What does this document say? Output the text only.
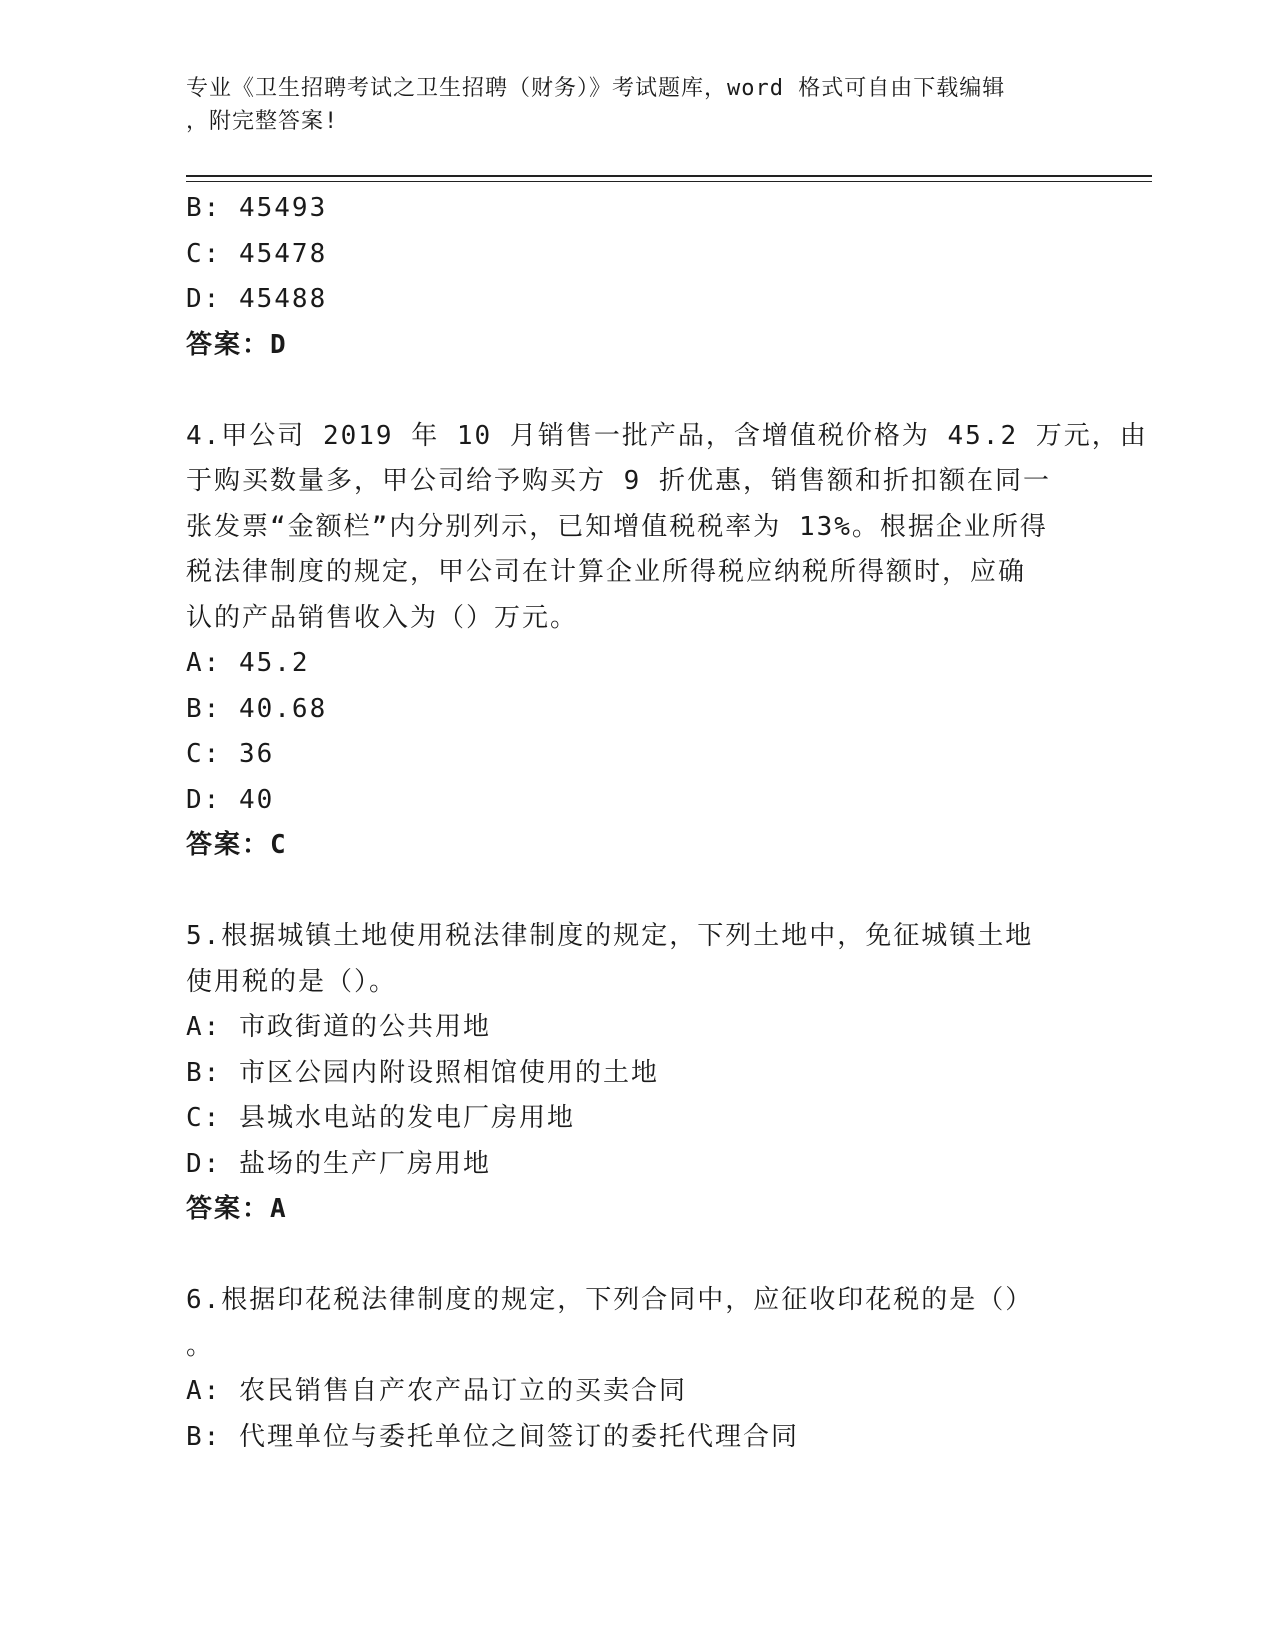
专业《卫生招聘考试之卫生招聘（财务）》考试题库，word 格式可自由下载编辑
，附完整答案!
B: 45493
C: 45478
D: 45488
答案：D
4.甲公司 2019 年 10 月销售一批产品，含增值税价格为 45.2 万元，由
于购买数量多，甲公司给予购买方 9 折优惠，销售额和折扣额在同一
张发票“金额栏”内分别列示，已知增值税税率为 13%。根据企业所得
税法律制度的规定，甲公司在计算企业所得税应纳税所得额时，应确
认的产品销售收入为（）万元。
A: 45.2
B: 40.68
C: 36
D: 40
答案：C
5.根据城镇土地使用税法律制度的规定，下列土地中，免征城镇土地
使用税的是（）。
A: 市政街道的公共用地
B: 市区公园内附设照相馆使用的土地
C: 县城水电站的发电厂房用地
D: 盐场的生产厂房用地
答案：A
6.根据印花税法律制度的规定，下列合同中，应征收印花税的是（）
。
A: 农民销售自产农产品订立的买卖合同
B: 代理单位与委托单位之间签订的委托代理合同
